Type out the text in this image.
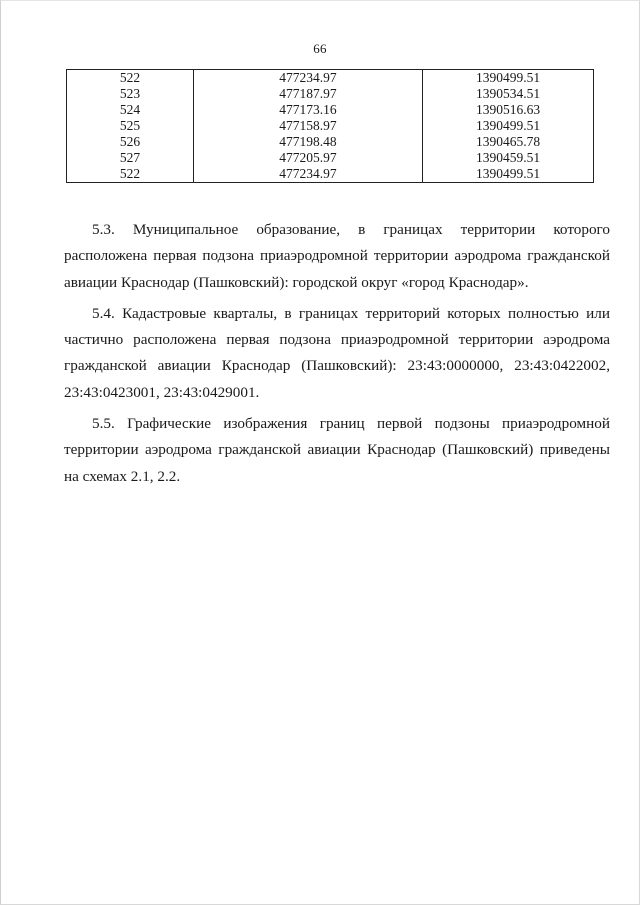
66
522	477234.97	1390499.51
523	477187.97	1390534.51
524	477173.16	1390516.63
525	477158.97	1390499.51
526	477198.48	1390465.78
527	477205.97	1390459.51
522	477234.97	1390499.51

5.3. Муниципальное образование, в границах территории которого расположена первая подзона приаэродромной территории аэродрома гражданской авиации Краснодар (Пашковский): городской округ «город Краснодар».

5.4. Кадастровые кварталы, в границах территорий которых полностью или частично расположена первая подзона приаэродромной территории аэродрома гражданской авиации Краснодар (Пашковский): 23:43:0000000, 23:43:0422002, 23:43:0423001, 23:43:0429001.

5.5. Графические изображения границ первой подзоны приаэродромной территории аэродрома гражданской авиации Краснодар (Пашковский) приведены на схемах 2.1, 2.2.
